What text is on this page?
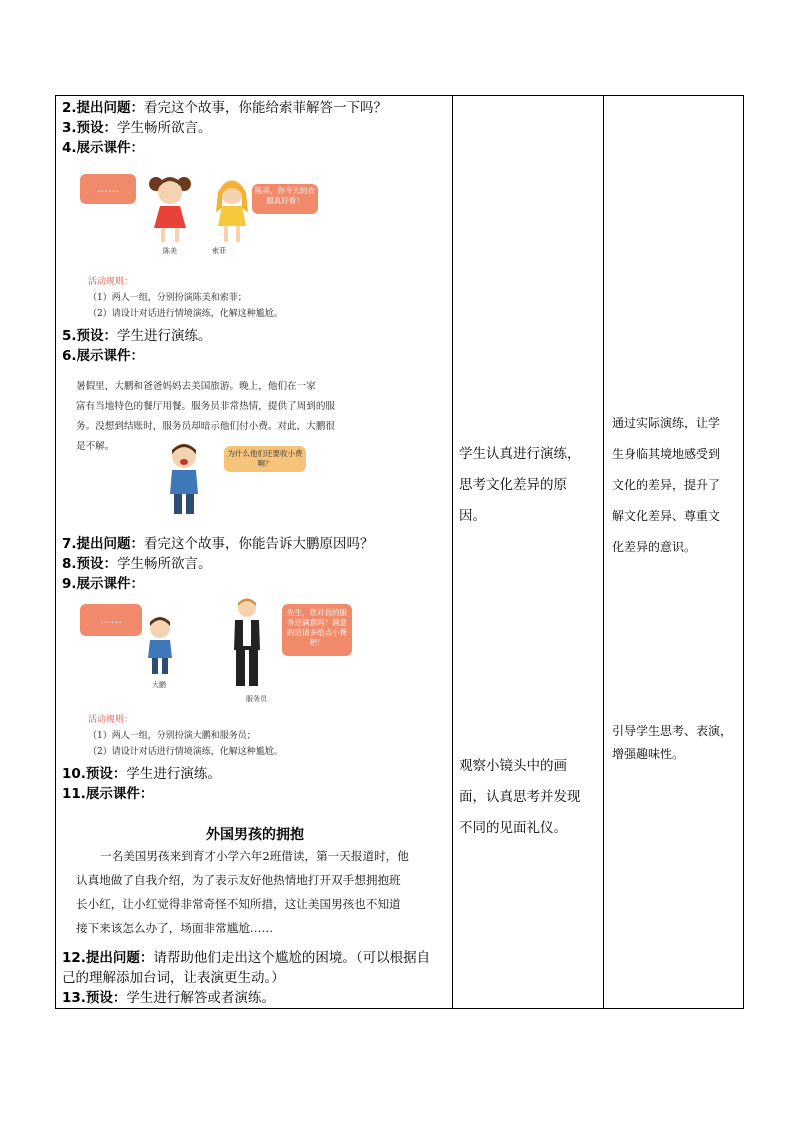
2.提出问题：看完这个故事，你能给索菲解答一下吗？
3.预设：学生畅所欲言。
4.展示课件：
……	陈美，你今天的衣服真好看！
陈美	索菲
活动规则：
（1）两人一组，分别扮演陈美和索菲；
（2）请设计对话进行情境演练，化解这种尴尬。
5.预设：学生进行演练。
6.展示课件：
暑假里，大鹏和爸爸妈妈去美国旅游。晚上，他们在一家
富有当地特色的餐厅用餐。服务员非常热情，提供了周到的服
务。没想到结账时，服务员却暗示他们付小费。对此，大鹏很
是不解。
为什么他们还要收小费啊？
7.提出问题：看完这个故事，你能告诉大鹏原因吗？
8.预设：学生畅所欲言。
9.展示课件：
……
先生，您对我的服务还满意吗？满意的话请多给点小费吧！
大鹏
服务员
活动规则：
（1）两人一组，分别扮演大鹏和服务员；
（2）请设计对话进行情境演练，化解这种尴尬。
10.预设：学生进行演练。
11.展示课件：
外国男孩的拥抱
一名美国男孩来到育才小学六年2班借读，第一天报道时，他
认真地做了自我介绍，为了表示友好他热情地打开双手想拥抱班
长小红，让小红觉得非常奇怪不知所措，这让美国男孩也不知道
接下来该怎么办了，场面非常尴尬……
12.提出问题：请帮助他们走出这个尴尬的困境。（可以根据自
己的理解添加台词，让表演更生动。）
13.预设：学生进行解答或者演练。
学生认真进行演练，
思考文化差异的原
因。
观察小镜头中的画
面，认真思考并发现
不同的见面礼仪。
通过实际演练，让学
生身临其境地感受到
文化的差异，提升了
解文化差异、尊重文
化差异的意识。
引导学生思考、表演，
增强趣味性。
